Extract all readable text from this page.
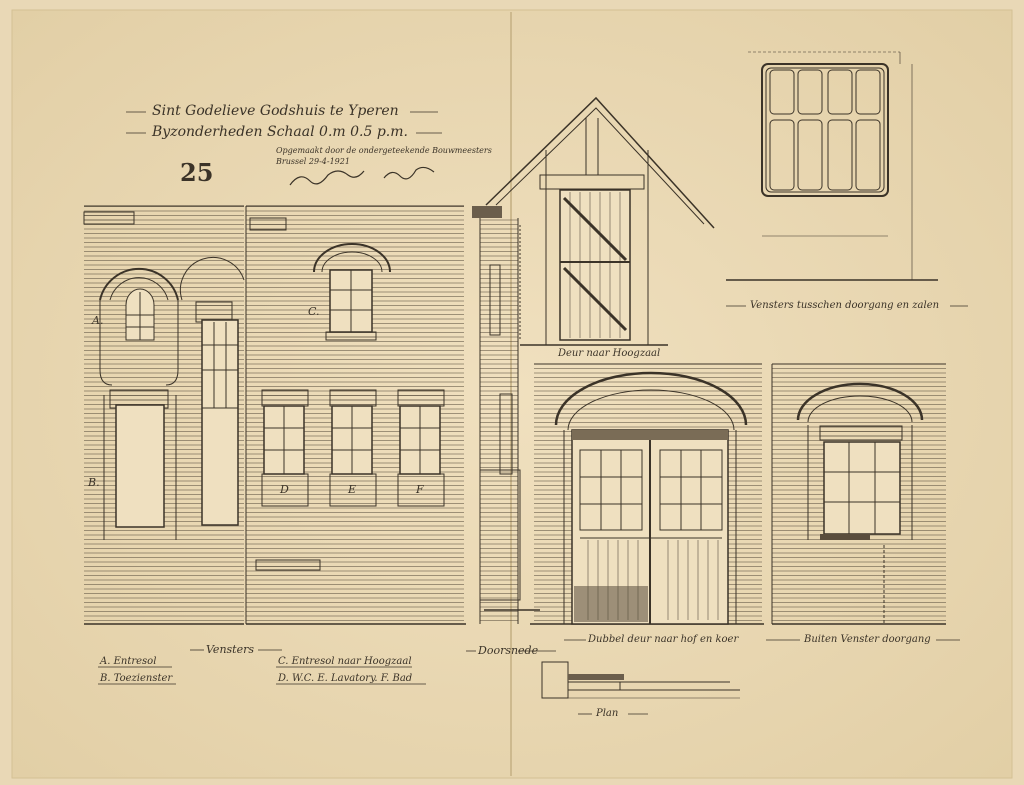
Sint Godelieve Godshuis te Yperen
Byzonderheden Schaal 0.m 0.5 p.m.
Opgemaakt door de ondergeteekende Bouwmeesters
Brussel 29-4-1921
25
A.
B.
C.
D	E	F
Vensters tusschen doorgang en zalen
Deur naar Hoogzaal
Vensters	Doorsnede
Dubbel deur naar hof en koer	Buiten Venster doorgang
Plan
A. Entresol
B. Toezienster
C. Entresol naar Hoogzaal
D. W.C. E. Lavatory. F. Bad
